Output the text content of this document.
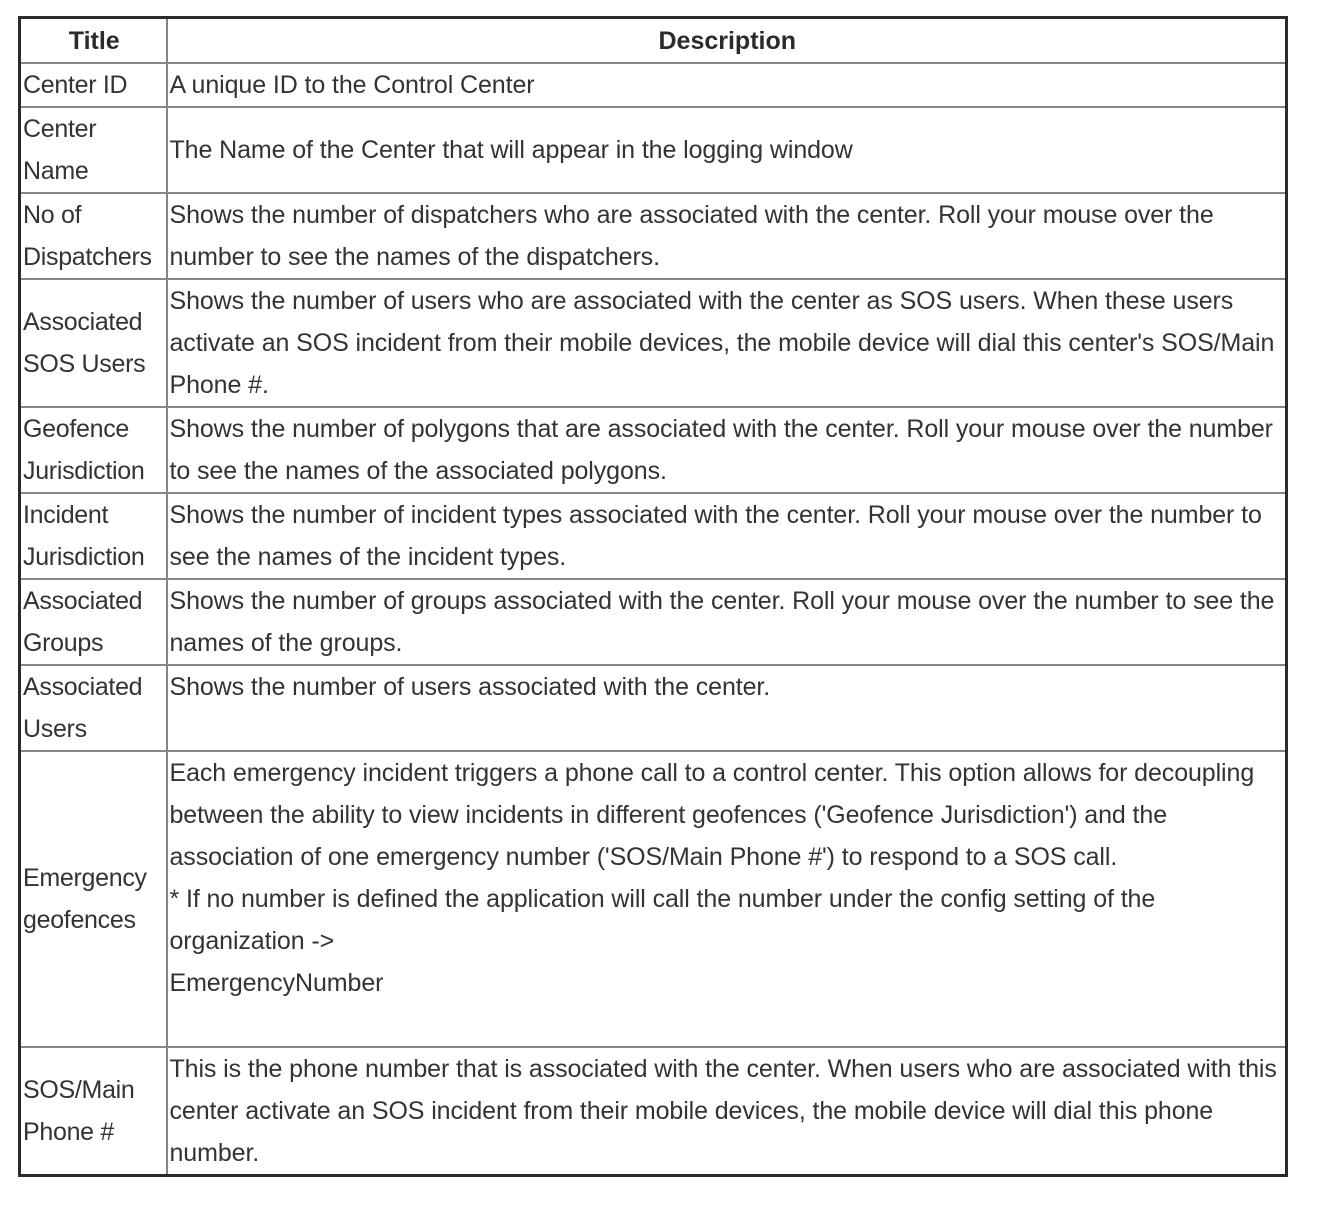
Title	Description
Center ID	A unique ID to the Control Center

Center Name	The Name of the Center that will appear in the logging window

No of Dispatchers	Shows the number of dispatchers who are associated with the center. Roll your mouse over the number to see the names of the dispatchers.

Associated SOS Users	Shows the number of users who are associated with the center as SOS users. When these users activate an SOS incident from their mobile devices, the mobile device will dial this center's SOS/Main Phone #.

Geofence Jurisdiction	Shows the number of polygons that are associated with the center. Roll your mouse over the number to see the names of the associated polygons.

Incident Jurisdiction	Shows the number of incident types associated with the center. Roll your mouse over the number to see the names of the incident types.

Associated Groups	Shows the number of groups associated with the center. Roll your mouse over the number to see the names of the groups.

Associated Users	Shows the number of users associated with the center.

Emergency geofences	Each emergency incident triggers a phone call to a control center. This option allows for decoupling between the ability to view incidents in different geofences ('Geofence Jurisdiction') and the association of one emergency number ('SOS/Main Phone #') to respond to a SOS call.
* If no number is defined the application will call the number under the config setting of the organization ->
EmergencyNumber

SOS/Main Phone #	This is the phone number that is associated with the center. When users who are associated with this center activate an SOS incident from their mobile devices, the mobile device will dial this phone number.
